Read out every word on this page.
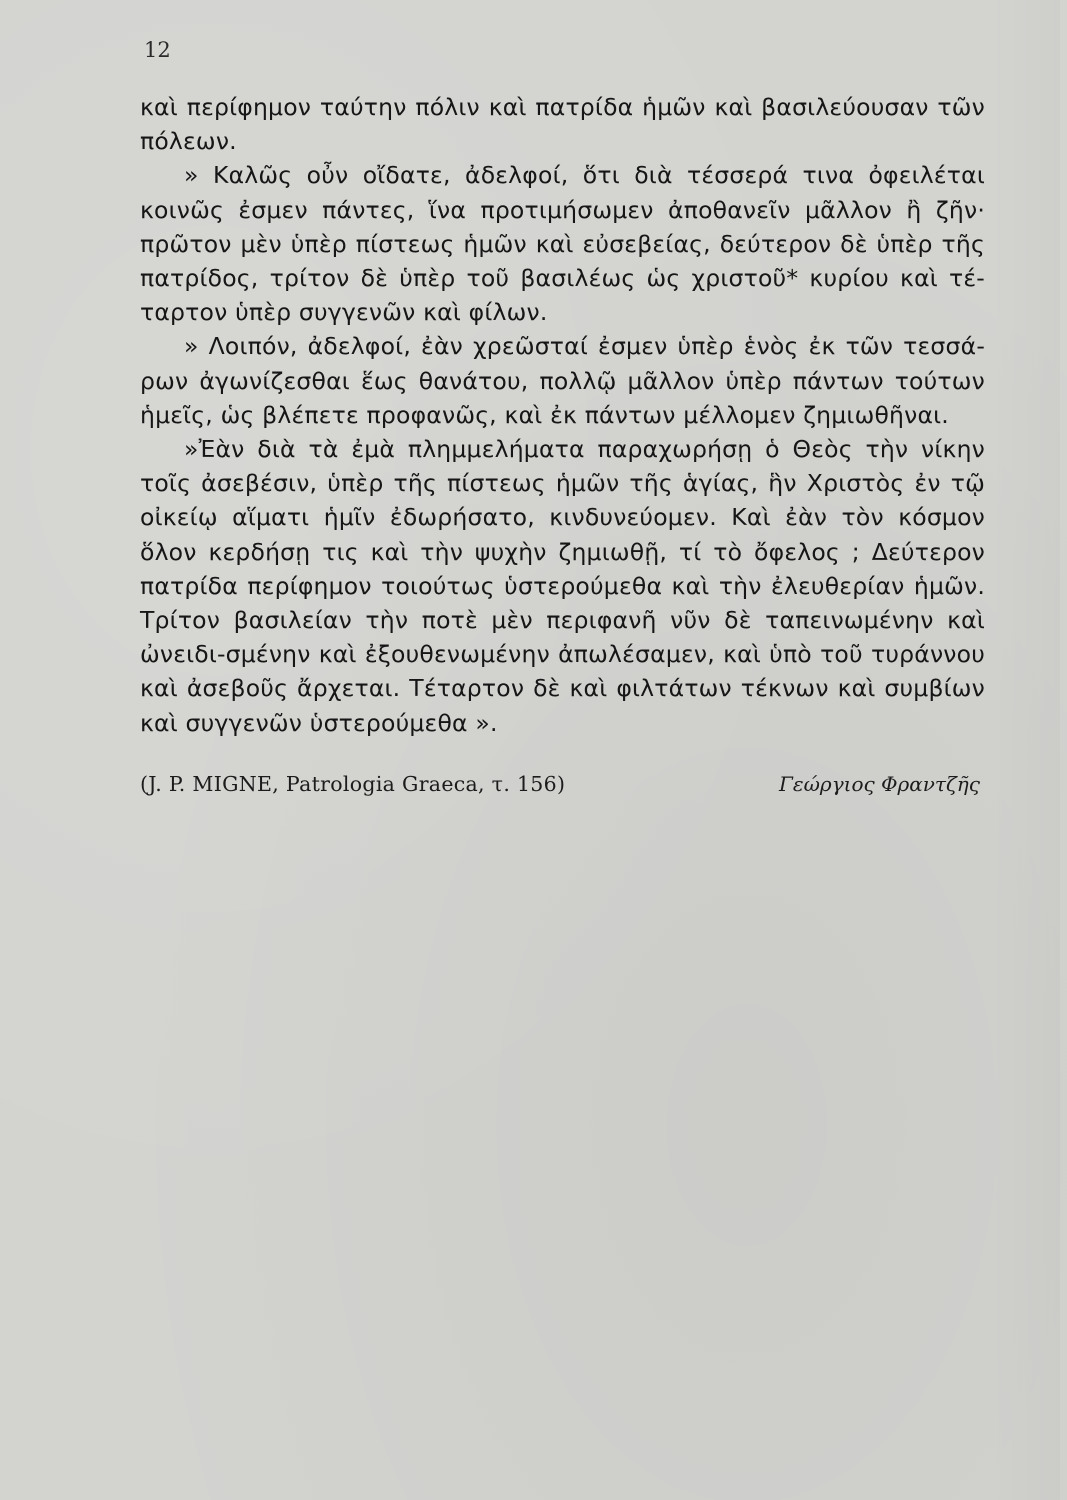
12

καὶ περίφημον ταύτην πόλιν καὶ πατρίδα ἡμῶν καὶ βασιλεύουσαν τῶν πόλεων.

» Καλῶς οὖν οἴδατε, ἀδελφοί, ὅτι διὰ τέσσερά τινα ὀφειλέται κοινῶς ἐσμεν πάντες, ἵνα προτιμήσωμεν ἀποθανεῖν μᾶλλον ἢ ζῆν· πρῶτον μὲν ὑπὲρ πίστεως ἡμῶν καὶ εὐσεβείας, δεύτερον δὲ ὑπὲρ τῆς πατρίδος, τρίτον δὲ ὑπὲρ τοῦ βασιλέως ὡς χριστοῦ* κυρίου καὶ τέ-ταρτον ὑπὲρ συγγενῶν καὶ φίλων.

» Λοιπόν, ἀδελφοί, ἐὰν χρεῶσταί ἐσμεν ὑπὲρ ἑνὸς ἐκ τῶν τεσσά-ρων ἀγωνίζεσθαι ἕως θανάτου, πολλῷ μᾶλλον ὑπὲρ πάντων τούτων ἡμεῖς, ὡς βλέπετε προφανῶς, καὶ ἐκ πάντων μέλλομεν ζημιωθῆναι.

»Ἐὰν διὰ τὰ ἐμὰ πλημμελήματα παραχωρήσῃ ὁ Θεὸς τὴν νίκην τοῖς ἀσεβέσιν, ὑπὲρ τῆς πίστεως ἡμῶν τῆς ἁγίας, ἣν Χριστὸς ἐν τῷ οἰκείῳ αἵματι ἡμῖν ἐδωρήσατο, κινδυνεύομεν. Καὶ ἐὰν τὸν κόσμον ὅλον κερδήσῃ τις καὶ τὴν ψυχὴν ζημιωθῇ, τί τὸ ὄφελος ; Δεύτερον πατρίδα περίφημον τοιούτως ὑστερούμεθα καὶ τὴν ἐλευθερίαν ἡμῶν. Τρίτον βασιλείαν τὴν ποτὲ μὲν περιφανῆ νῦν δὲ ταπεινωμένην καὶ ὠνειδι-σμένην καὶ ἐξουθενωμένην ἀπωλέσαμεν, καὶ ὑπὸ τοῦ τυράννου καὶ ἀσεβοῦς ἄρχεται. Τέταρτον δὲ καὶ φιλτάτων τέκνων καὶ συμβίων καὶ συγγενῶν ὑστερούμεθα ».

(J. P. MIGNE, Patrologia Graeca, τ. 156)	Γεώργιος Φραντζῆς
